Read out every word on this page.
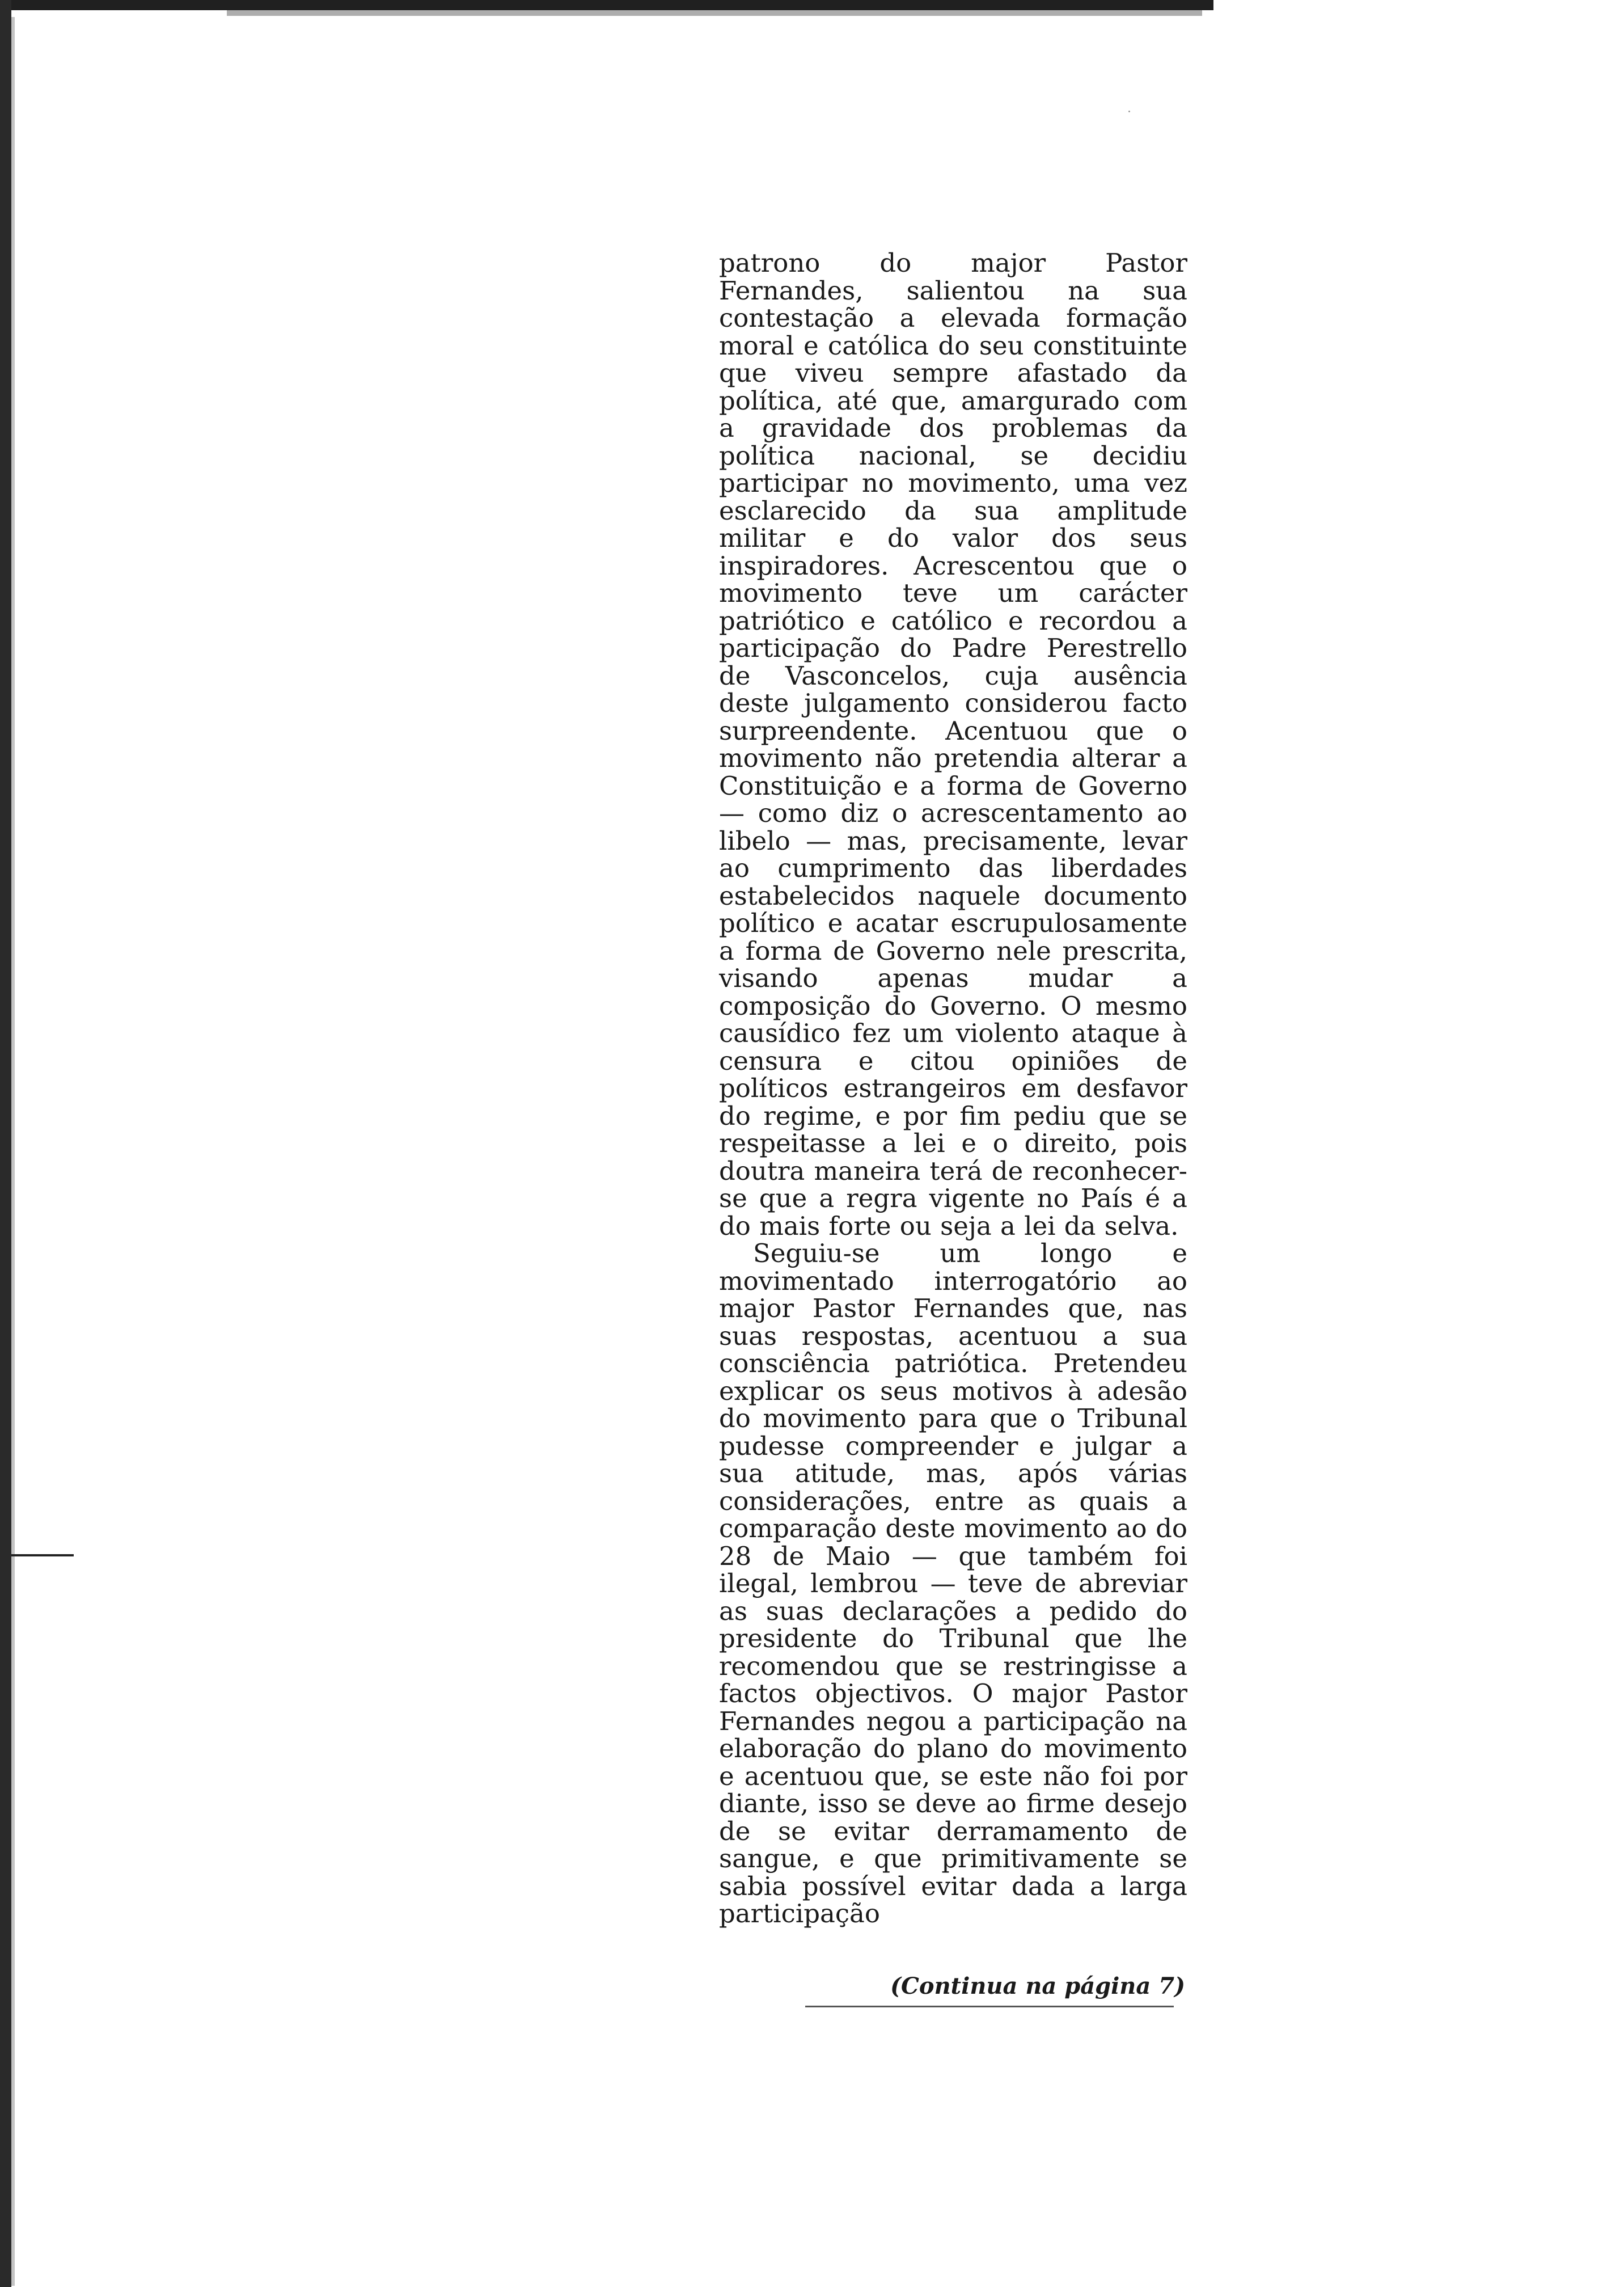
patrono do major Pastor Fernandes, salientou na sua contestação a elevada formação moral e católica do seu constituinte que viveu sempre afastado da política, até que, amargurado com a gravidade dos problemas da política nacional, se decidiu participar no movimento, uma vez esclarecido da sua amplitude militar e do valor dos seus inspiradores. Acrescentou que o movimento teve um carácter patriótico e católico e recordou a participação do Padre Perestrello de Vasconcelos, cuja ausência deste julgamento considerou facto surpreendente. Acentuou que o movimento não pretendia alterar a Constituição e a forma de Governo — como diz o acrescentamento ao libelo — mas, precisamente, levar ao cumprimento das liberdades estabelecidos naquele documento político e acatar escrupulosamente a forma de Governo nele prescrita, visando apenas mudar a composição do Governo. O mesmo causídico fez um violento ataque à censura e citou opiniões de políticos estrangeiros em desfavor do regime, e por fim pediu que se respeitasse a lei e o direito, pois doutra maneira terá de reconhecer-se que a regra vigente no País é a do mais forte ou seja a lei da selva.

Seguiu-se um longo e movimentado interrogatório ao major Pastor Fernandes que, nas suas respostas, acentuou a sua consciência patriótica. Pretendeu explicar os seus motivos à adesão do movimento para que o Tribunal pudesse compreender e julgar a sua atitude, mas, após várias considerações, entre as quais a comparação deste movimento ao do 28 de Maio — que também foi ilegal, lembrou — teve de abreviar as suas declarações a pedido do presidente do Tribunal que lhe recomendou que se restringisse a factos objectivos. O major Pastor Fernandes negou a participação na elaboração do plano do movimento e acentuou que, se este não foi por diante, isso se deve ao firme desejo de se evitar derramamento de sangue, e que primitivamente se sabia possível evitar dada a larga participação

(Continua na página 7)
